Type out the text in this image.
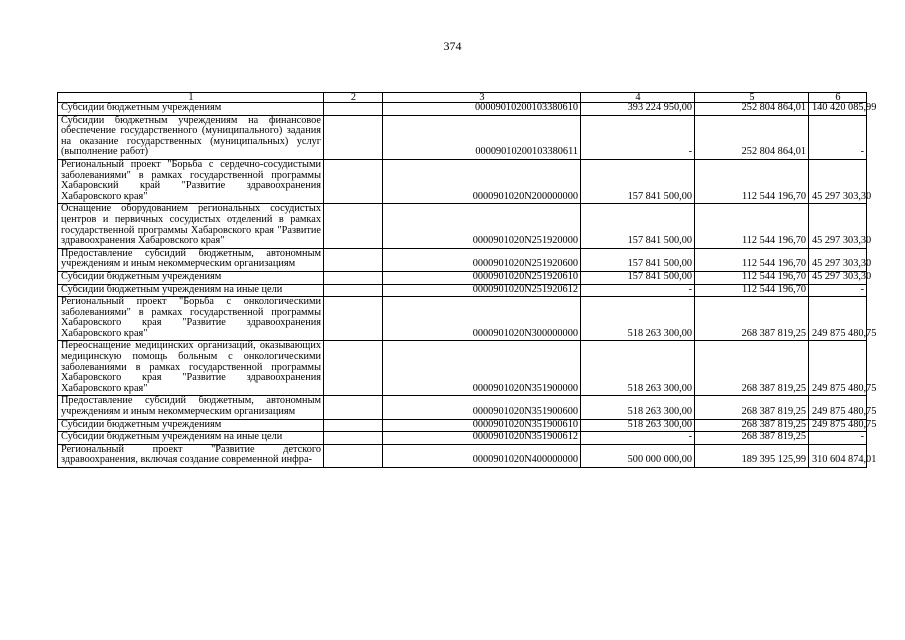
374
1	2	3	4	5	6
Субсидии бюджетным учреждениям		00009010200103380610	393 224 950,00	252 804 864,01	140 420 085,99
Субсидии бюджетным учреждениям на финансовое обеспечение государственного (муниципального) задания на оказание государственных (муниципальных) услуг (выполнение работ)		00009010200103380611	-	252 804 864,01	-
Региональный проект "Борьба с сердечно-сосудистыми заболеваниями" в рамках государственной программы Хабаровский край "Развитие здравоохранения Хабаровского края"		0000901020N200000000	157 841 500,00	112 544 196,70	45 297 303,30
Оснащение оборудованием региональных сосудистых центров и первичных сосудистых отделений в рамках государственной программы Хабаровского края "Развитие здравоохранения Хабаровского края"		0000901020N251920000	157 841 500,00	112 544 196,70	45 297 303,30
Предоставление субсидий бюджетным, автономным учреждениям и иным некоммерческим организациям		0000901020N251920600	157 841 500,00	112 544 196,70	45 297 303,30
Субсидии бюджетным учреждениям		0000901020N251920610	157 841 500,00	112 544 196,70	45 297 303,30
Субсидии бюджетным учреждениям на иные цели		0000901020N251920612	-	112 544 196,70	-
Региональный проект "Борьба с онкологическими заболеваниями" в рамках государственной программы Хабаровского края "Развитие здравоохранения Хабаровского края"		0000901020N300000000	518 263 300,00	268 387 819,25	249 875 480,75
Переоснащение медицинских организаций, оказывающих медицинскую помощь больным с онкологическими заболеваниями в рамках государственной программы Хабаровского края "Развитие здравоохранения Хабаровского края"		0000901020N351900000	518 263 300,00	268 387 819,25	249 875 480,75
Предоставление субсидий бюджетным, автономным учреждениям и иным некоммерческим организациям		0000901020N351900600	518 263 300,00	268 387 819,25	249 875 480,75
Субсидии бюджетным учреждениям		0000901020N351900610	518 263 300,00	268 387 819,25	249 875 480,75
Субсидии бюджетным учреждениям на иные цели		0000901020N351900612	-	268 387 819,25	-
Региональный проект "Развитие детского здравоохранения, включая создание современной инфра-		0000901020N400000000	500 000 000,00	189 395 125,99	310 604 874,01
